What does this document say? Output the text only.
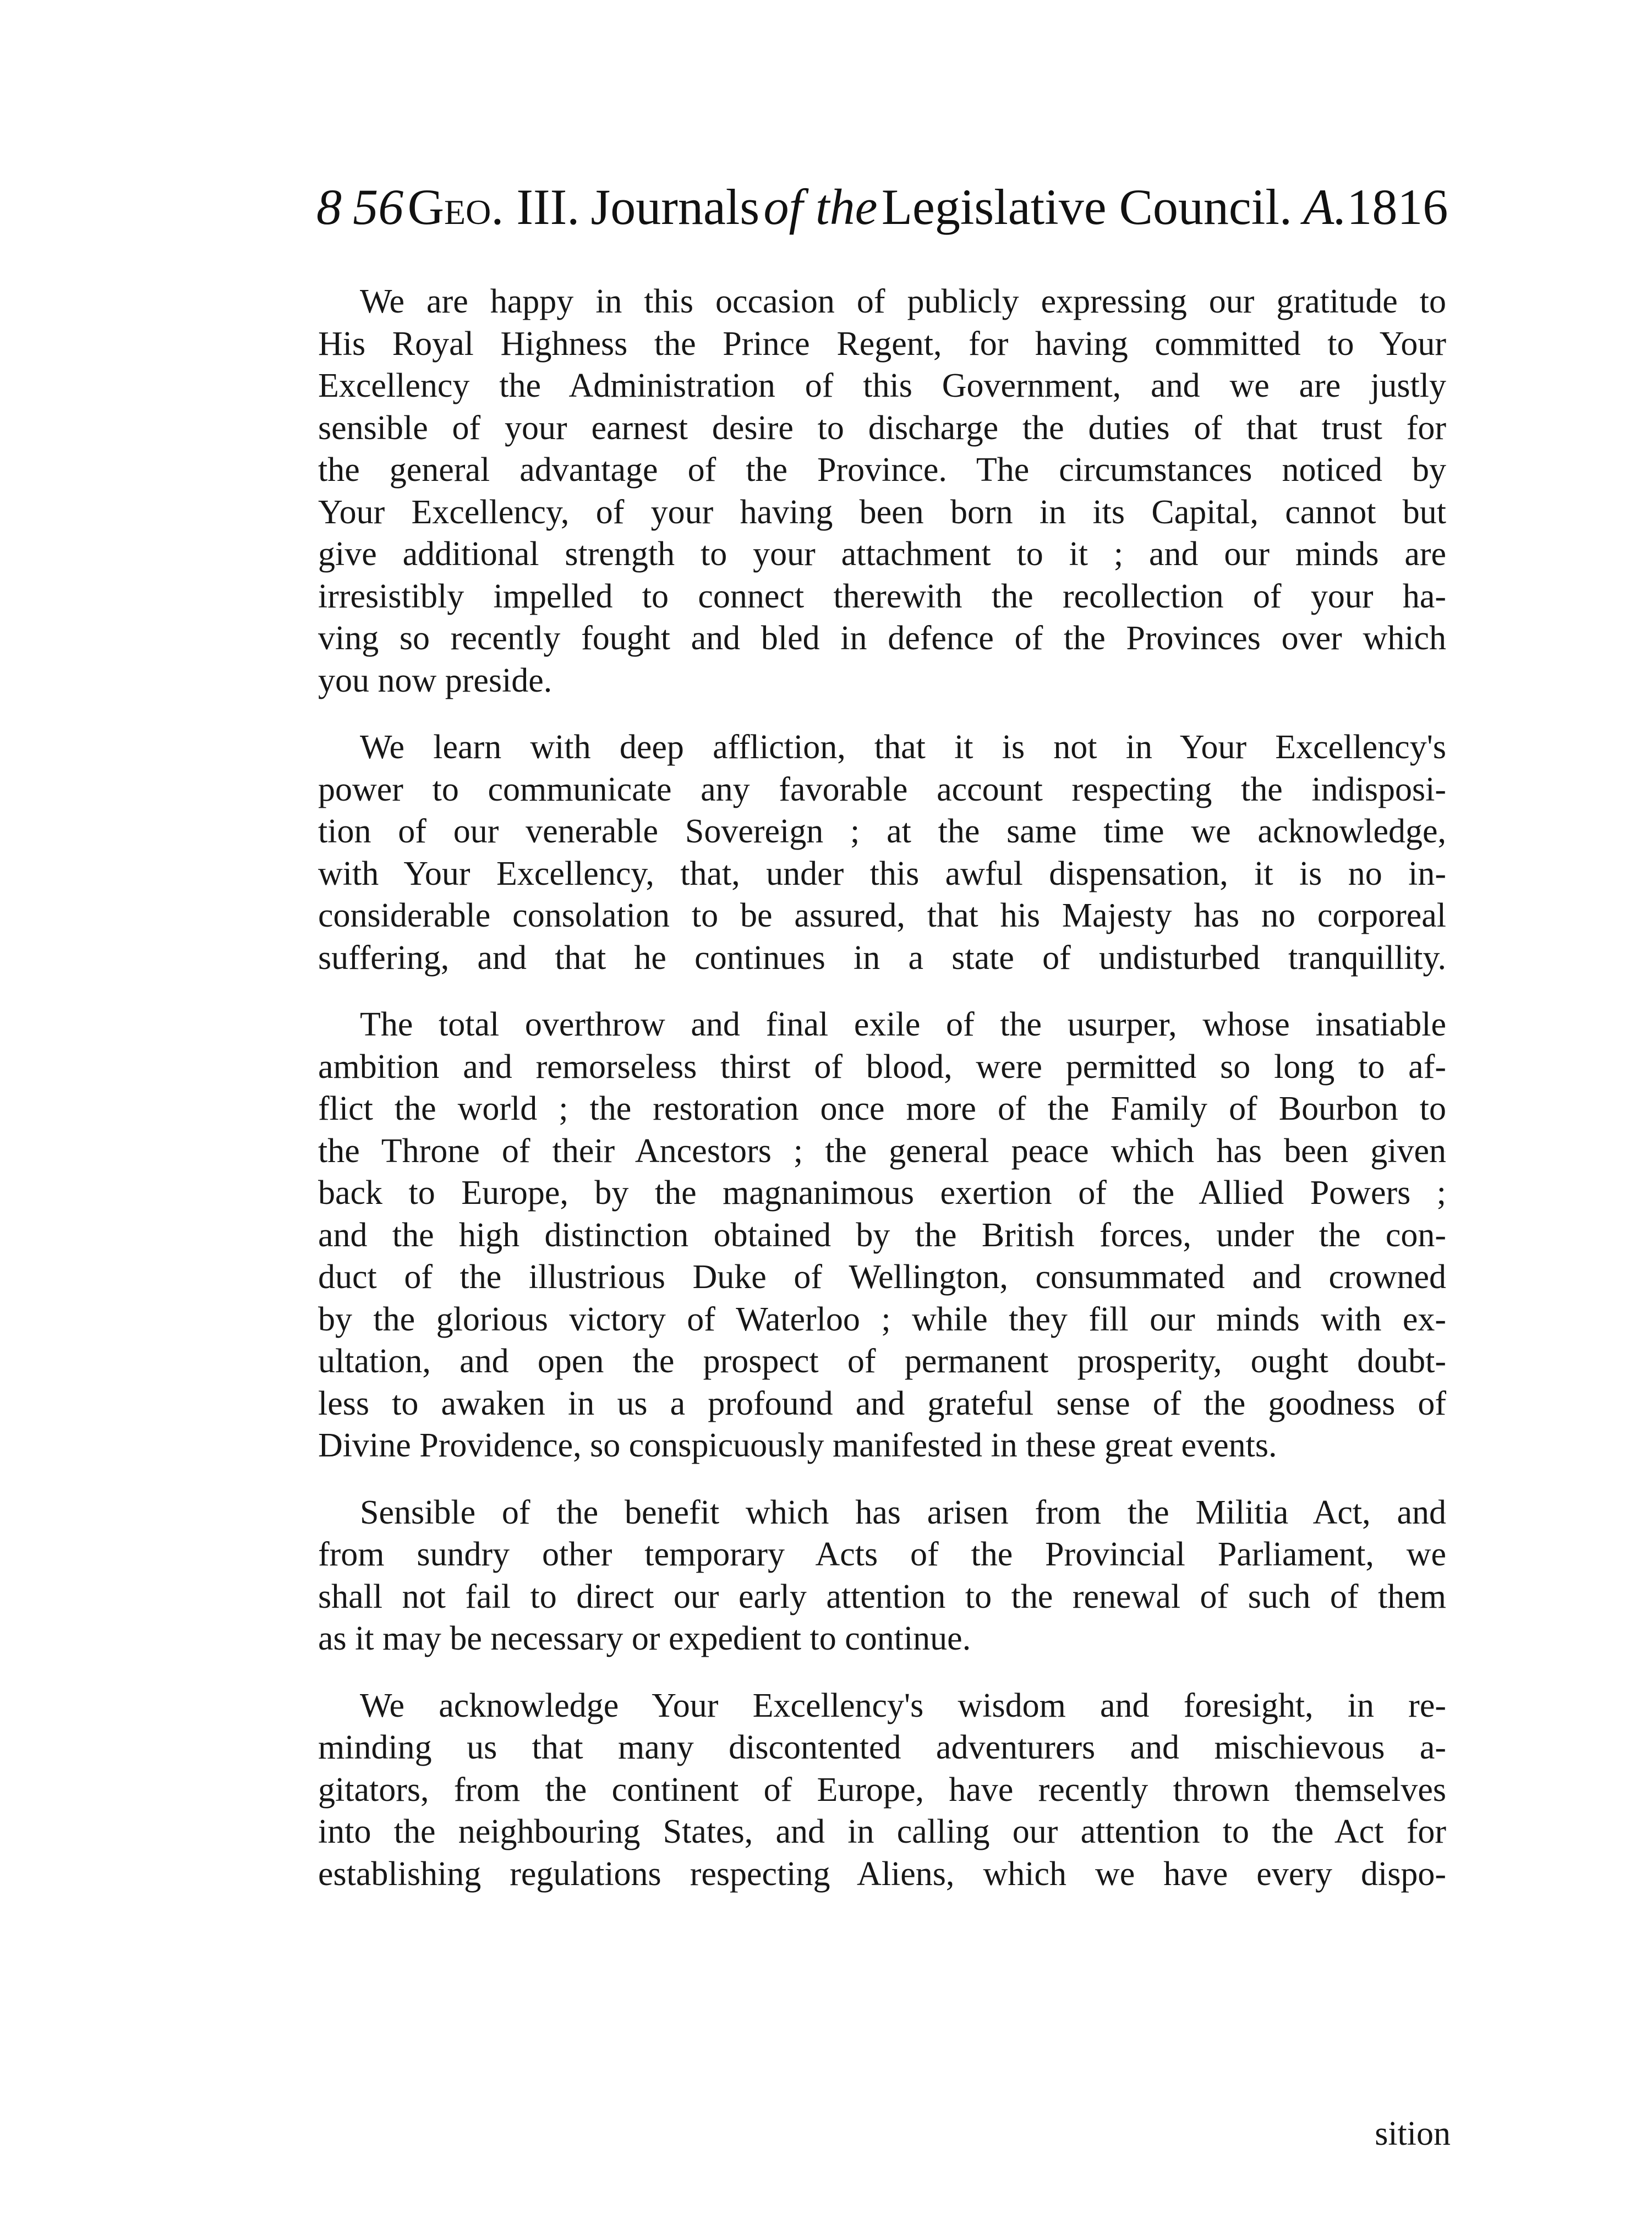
8 56 Geo. III. Journals of the Legislative Council. A. 1816
We are happy in this occasion of publicly expressing our gratitude to
His Royal Highness the Prince Regent, for having committed to Your
Excellency the Administration of this Government, and we are justly
sensible of your earnest desire to discharge the duties of that trust for
the general advantage of the Province. The circumstances noticed by
Your Excellency, of your having been born in its Capital, cannot but
give additional strength to your attachment to it ; and our minds are
irresistibly impelled to connect therewith the recollection of your ha-
ving so recently fought and bled in defence of the Provinces over which
you now preside.
We learn with deep affliction, that it is not in Your Excellency's
power to communicate any favorable account respecting the indisposi-
tion of our venerable Sovereign ; at the same time we acknowledge,
with Your Excellency, that, under this awful dispensation, it is no in-
considerable consolation to be assured, that his Majesty has no corporeal
suffering, and that he continues in a state of undisturbed tranquillity.
The total overthrow and final exile of the usurper, whose insatiable
ambition and remorseless thirst of blood, were permitted so long to af-
flict the world ; the restoration once more of the Family of Bourbon to
the Throne of their Ancestors ; the general peace which has been given
back to Europe, by the magnanimous exertion of the Allied Powers ;
and the high distinction obtained by the British forces, under the con-
duct of the illustrious Duke of Wellington, consummated and crowned
by the glorious victory of Waterloo ; while they fill our minds with ex-
ultation, and open the prospect of permanent prosperity, ought doubt-
less to awaken in us a profound and grateful sense of the goodness of
Divine Providence, so conspicuously manifested in these great events.
Sensible of the benefit which has arisen from the Militia Act, and
from sundry other temporary Acts of the Provincial Parliament, we
shall not fail to direct our early attention to the renewal of such of them
as it may be necessary or expedient to continue.
We acknowledge Your Excellency's wisdom and foresight, in re-
minding us that many discontented adventurers and mischievous a-
gitators, from the continent of Europe, have recently thrown themselves
into the neighbouring States, and in calling our attention to the Act for
establishing regulations respecting Aliens, which we have every dispo-
sition
